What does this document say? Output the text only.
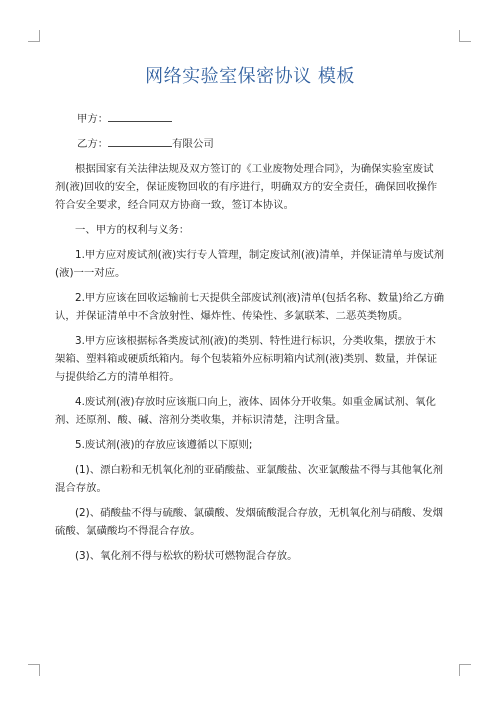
网络实验室保密协议 模板
甲方：
乙方：	有限公司
根据国家有关法律法规及双方签订的《工业废物处理合同》，为确保实验室废试
剂(液)回收的安全，保证废物回收的有序进行，明确双方的安全责任，确保回收操作
符合安全要求，经合同双方协商一致，签订本协议。
一、甲方的权利与义务：
1.甲方应对废试剂(液)实行专人管理，制定废试剂(液)清单，并保证清单与废试剂
(液)一一对应。
2.甲方应该在回收运输前七天提供全部废试剂(液)清单(包括名称、数量)给乙方确
认，并保证清单中不含放射性、爆炸性、传染性、多氯联苯、二恶英类物质。
3.甲方应该根据标各类废试剂(液)的类别、特性进行标识，分类收集，摆放于木
架箱、塑料箱或硬质纸箱内。每个包装箱外应标明箱内试剂(液)类别、数量，并保证
与提供给乙方的清单相符。
4.废试剂(液)存放时应该瓶口向上，液体、固体分开收集。如重金属试剂、氧化
剂、还原剂、酸、碱、溶剂分类收集，并标识清楚，注明含量。
5.废试剂(液)的存放应该遵循以下原则;
(1)、漂白粉和无机氧化剂的亚硝酸盐、亚氯酸盐、次亚氯酸盐不得与其他氧化剂
混合存放。
(2)、硝酸盐不得与硫酸、氯磺酸、发烟硫酸混合存放，无机氧化剂与硝酸、发烟
硫酸、氯磺酸均不得混合存放。
(3)、氧化剂不得与松软的粉状可燃物混合存放。
